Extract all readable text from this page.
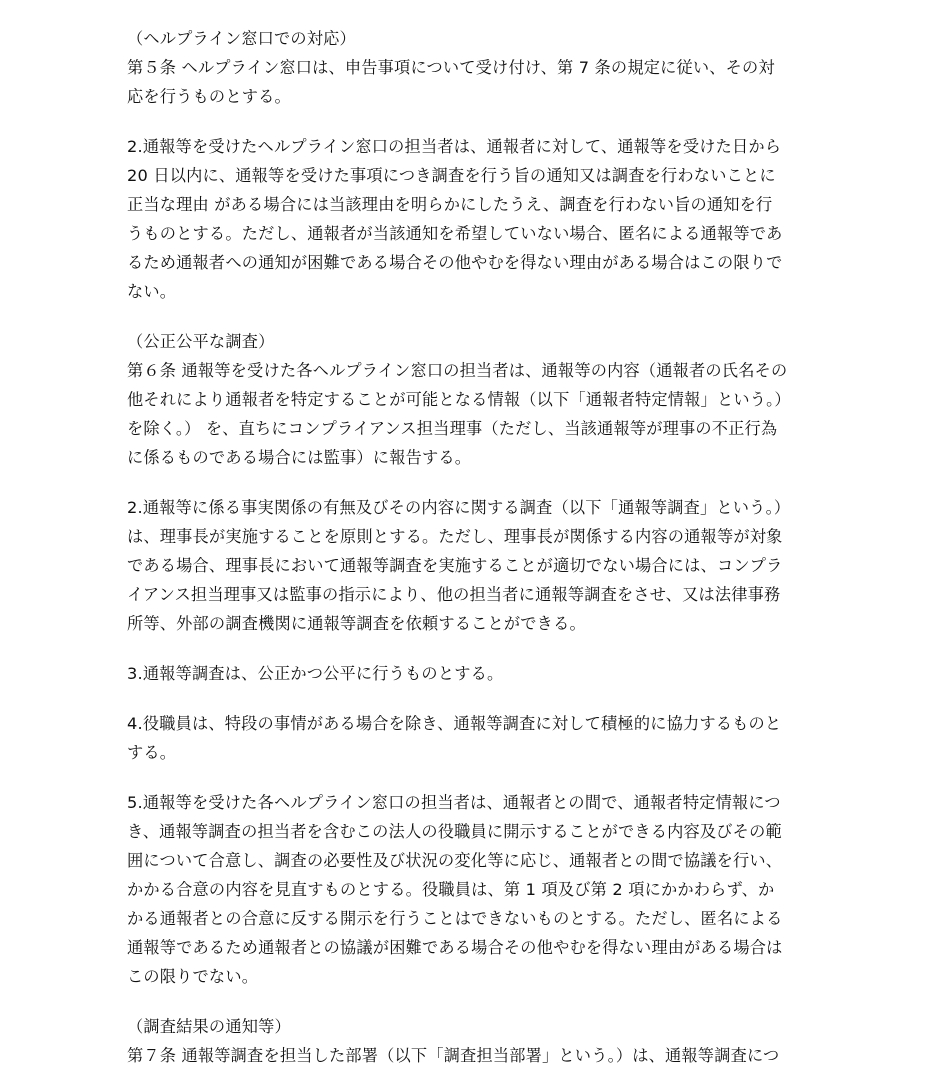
（ヘルプライン窓口での対応）
第５条 ヘルプライン窓口は、申告事項について受け付け、第 7 条の規定に従い、その対
応を行うものとする。
2.通報等を受けたヘルプライン窓口の担当者は、通報者に対して、通報等を受けた日から
20 日以内に、通報等を受けた事項につき調査を行う旨の通知又は調査を行わないことに
正当な理由 がある場合には当該理由を明らかにしたうえ、調査を行わない旨の通知を行
うものとする。ただし、通報者が当該通知を希望していない場合、匿名による通報等であ
るため通報者への通知が困難である場合その他やむを得ない理由がある場合はこの限りで
ない。
（公正公平な調査）
第６条 通報等を受けた各ヘルプライン窓口の担当者は、通報等の内容（通報者の氏名その
他それにより通報者を特定することが可能となる情報（以下「通報者特定情報」という。）
を除く。） を、直ちにコンプライアンス担当理事（ただし、当該通報等が理事の不正行為
に係るものである場合には監事）に報告する。
2.通報等に係る事実関係の有無及びその内容に関する調査（以下「通報等調査」という。）
は、理事長が実施することを原則とする。ただし、理事長が関係する内容の通報等が対象
である場合、理事長において通報等調査を実施することが適切でない場合には、コンプラ
イアンス担当理事又は監事の指示により、他の担当者に通報等調査をさせ、又は法律事務
所等、外部の調査機関に通報等調査を依頼することができる。
3.通報等調査は、公正かつ公平に行うものとする。
4.役職員は、特段の事情がある場合を除き、通報等調査に対して積極的に協力するものと
する。
5.通報等を受けた各ヘルプライン窓口の担当者は、通報者との間で、通報者特定情報につ
き、通報等調査の担当者を含むこの法人の役職員に開示することができる内容及びその範
囲について合意し、調査の必要性及び状況の変化等に応じ、通報者との間で協議を行い、
かかる合意の内容を見直すものとする。役職員は、第 1 項及び第 2 項にかかわらず、か
かる通報者との合意に反する開示を行うことはできないものとする。ただし、匿名による
通報等であるため通報者との協議が困難である場合その他やむを得ない理由がある場合は
この限りでない。
（調査結果の通知等）
第７条 通報等調査を担当した部署（以下「調査担当部署」という。）は、通報等調査につ
